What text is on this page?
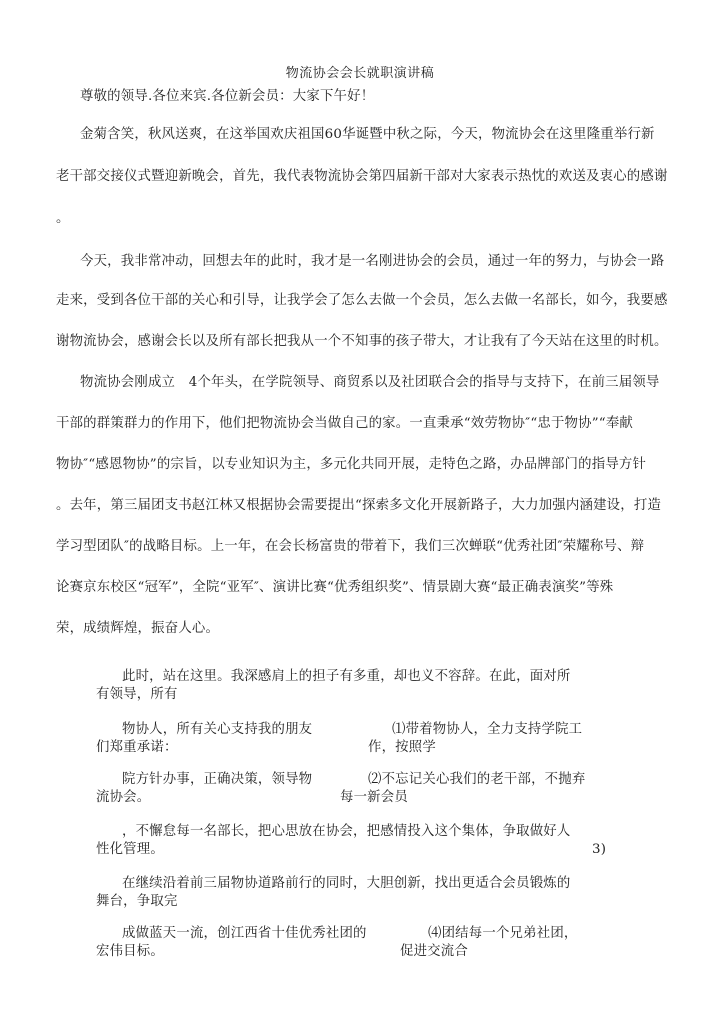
物流协会会长就职演讲稿
尊敬的领导.各位来宾.各位新会员：大家下午好！
金菊含笑，秋风送爽，在这举国欢庆祖国60华诞暨中秋之际，今天，物流协会在这里隆重举行新
老干部交接仪式暨迎新晚会，首先，我代表物流协会第四届新干部对大家表示热忱的欢送及衷心的感谢
。
今天，我非常冲动，回想去年的此时，我才是一名刚进协会的会员，通过一年的努力，与协会一路
走来，受到各位干部的关心和引导，让我学会了怎么去做一个会员，怎么去做一名部长，如今，我要感
谢物流协会，感谢会长以及所有部长把我从一个不知事的孩子带大，才让我有了今天站在这里的时机。
物流协会刚成立　4个年头，在学院领导、商贸系以及社团联合会的指导与支持下，在前三届领导
干部的群策群力的作用下，他们把物流协会当做自己的家。一直秉承“效劳物协″“忠于物协”“奉献
物协″“感恩物协”的宗旨，以专业知识为主，多元化共同开展，走特色之路，办品牌部门的指导方针
。去年，第三届团支书赵江林又根据协会需要提出“探索多文化开展新路子，大力加强内涵建设，打造
学习型团队″的战略目标。上一年，在会长杨富贵的带着下，我们三次蝉联“优秀社团″荣耀称号、辩
论赛京东校区“冠军”，全院“亚军″、演讲比赛“优秀组织奖”、情景剧大赛“最正确表演奖”等殊
荣，成绩辉煌，振奋人心。
此时，站在这里。我深感肩上的担子有多重，却也义不容辞。在此，面对所
有领导，所有
物协人，所有关心支持我的朋友
们郑重承诺：
⑴带着物协人，全力支持学院工
作，按照学
院方针办事，正确决策，领导物
流协会。
⑵不忘记关心我们的老干部，不抛弃
每一新会员
，不懈怠每一名部长，把心思放在协会，把感情投入这个集体，争取做好人
性化管理。	3)
在继续沿着前三届物协道路前行的同时，大胆创新，找出更适合会员锻炼的
舞台，争取完
成做蓝天一流，创江西省十佳优秀社团的
宏伟目标。
⑷团结每一个兄弟社团，
促进交流合
